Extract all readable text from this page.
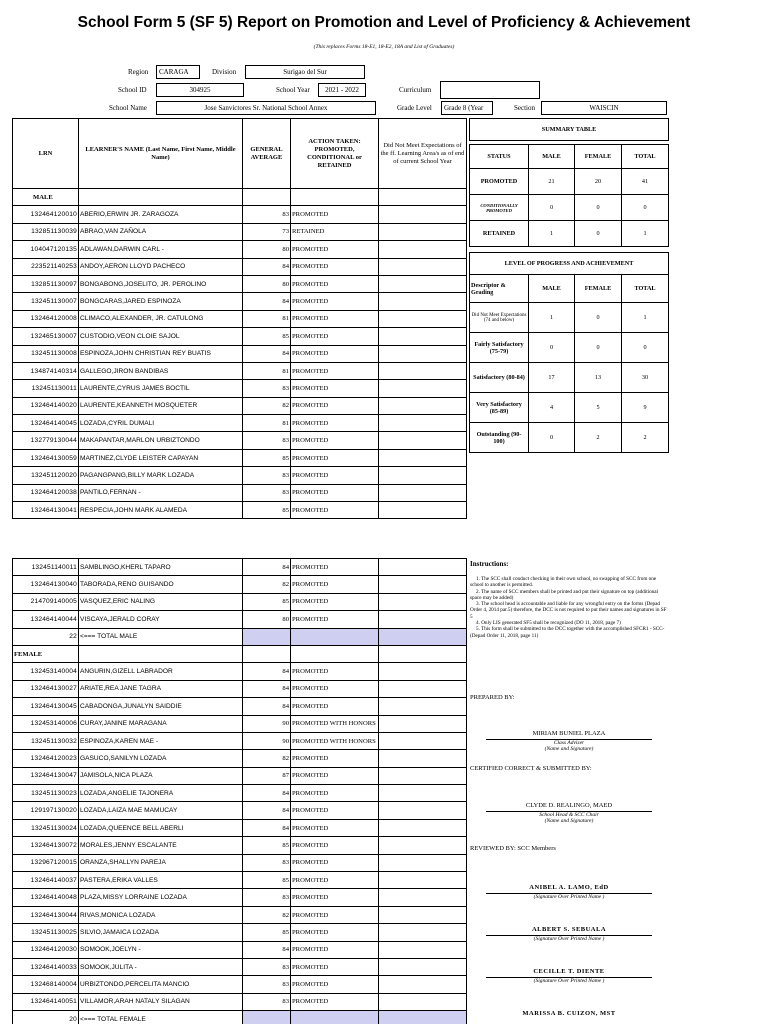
School Form 5 (SF 5) Report on Promotion and Level of Proficiency & Achievement
(This replaces Forms 18-E1, 18-E2, 18A and List of Graduates)
Region	CARAGA	Division	Surigao del Sur
School ID	304925	School Year	2021 - 2022	Curriculum
School Name	Jose Sanvictores Sr. National School Annex	Grade Level	Grade 8 (Year	Section	WAISCIN
LRN	LEARNER'S NAME (Last Name, First Name, Middle Name)	GENERAL AVERAGE	ACTION TAKEN: PROMOTED, CONDITIONAL or RETAINED	Did Not Meet Expectations of the ff. Learning Area/s as of end of current School Year
MALE				
132464120010	ABERIO,ERWIN JR. ZARAGOZA	83	PROMOTED	
132851130039	ABRAO,VAN ZAÑOLA	73	RETAINED	
104047120135	ADLAWAN,DARWIN CARL -	80	PROMOTED	
223521140253	ANDOY,AERON LLOYD PACHECO	84	PROMOTED	
132851130097	BONGABONG,JOSELITO, JR. PEROLINO	80	PROMOTED	
132451130007	BONGCARAS,JARED ESPINOZA	84	PROMOTED	
132464120008	CLIMACO,ALEXANDER, JR. CATULONG	81	PROMOTED	
132465130007	CUSTODIO,VEON CLOIE SAJOL	85	PROMOTED	
132451130008	ESPINOZA,JOHN CHRISTIAN REY BUATIS	84	PROMOTED	
134874140314	GALLEGO,JIRON BANDIBAS	81	PROMOTED	
132451130011	LAURENTE,CYRUS JAMES BOCTIL	83	PROMOTED	
132464140020	LAURENTE,KEANNETH MOSQUETER	82	PROMOTED	
132464140045	LOZADA,CYRIL DUMALI	81	PROMOTED	
132779130044	MAKAPANTAR,MARLON URBIZTONDO	83	PROMOTED	
132464130059	MARTINEZ,CLYDE LEISTER CAPAYAN	85	PROMOTED	
132451120020	PAGANGPANG,BILLY MARK LOZADA	83	PROMOTED	
132464120038	PANTILO,FERNAN -	83	PROMOTED	
132464130041	RESPECIA,JOHN MARK ALAMEDA	85	PROMOTED	
132451140011	SAMBLINGO,KHERL TAPARO	84	PROMOTED	
132464130040	TABORADA,RENO GUISANDO	82	PROMOTED	
214709140005	VASQUEZ,ERIC NALING	85	PROMOTED	
132464140044	VISCAYA,JERALD CORAY	80	PROMOTED	
22	<=== TOTAL MALE			
FEMALE				
132453140004	ANGURIN,GIZELL LABRADOR	84	PROMOTED	
132464130027	ARIATE,REA JANE TAGRA	84	PROMOTED	
132464130045	CABADONGA,JUNALYN SAIDDIE	84	PROMOTED	
132453140006	CURAY,JANINE MARAGANA	90	PROMOTED WITH HONORS	
132451130032	ESPINOZA,KAREN MAE -	90	PROMOTED WITH HONORS	
132464120023	GASUCO,SANILYN LOZADA	82	PROMOTED	
132464130047	JAMISOLA,NICA PLAZA	87	PROMOTED	
132451130023	LOZADA,ANGELIE TAJONERA	84	PROMOTED	
129197130020	LOZADA,LAIZA MAE MAMUCAY	84	PROMOTED	
132451130024	LOZADA,QUEENCE BELL ABERLI	84	PROMOTED	
132464130072	MORALES,JENNY ESCALANTE	85	PROMOTED	
132967120015	ORANZA,SHALLYN PAREJA	83	PROMOTED	
132464140037	PASTERA,ERIKA VALLES	85	PROMOTED	
132464140048	PLAZA,MISSY LORRAINE LOZADA	83	PROMOTED	
132464130044	RIVAS,MONICA LOZADA	82	PROMOTED	
132451130025	SILVIO,JAMAICA LOZADA	85	PROMOTED	
132464120030	SOMOOK,JOELYN -	84	PROMOTED	
132464140033	SOMOOK,JULITA -	83	PROMOTED	
132468140004	URBIZTONDO,PERCELITA MANCIO	83	PROMOTED	
132464140051	VILLAMOR,ARAH NATALY SILAGAN	83	PROMOTED	
20	<=== TOTAL FEMALE			
SUMMARY TABLE			

STATUS	MALE	FEMALE	TOTAL
PROMOTED	21	20	41
CONDITIONALLY PROMOTED	0	0	0
RETAINED	1	0	1
LEVEL OF PROGRESS AND ACHIEVEMENT			
Descriptor & Grading	MALE	FEMALE	TOTAL
Did Not Meet Expectations (74 and below)	1	0	1
Fairly Satisfactory (75-79)	0	0	0
Satisfactory (80-84)	17	13	30
Very Satisfactory (85-89)	4	5	9
Outstanding (90-100)	0	2	2
Instructions:

1. The SCC shall conduct checking in their own school, no swapping of SCC from one school to another is permitted.

2. The name of SCC members shall be printed and put their signature on top (additional space may be added)

3. The school head is accountable and liable for any wrongful entry on the forms (Depad Order 4, 2014 par.5) therefore, the DCC is not required to put their names and signatures in SF 5

4. Only LIS generated SF5 shall be recognized (DO 11, 2018, page 7)

5. This form shall be submitted to the DCC together with the accomplished SFCR1 - SCC- (Depad Order 11, 2018, page 11)

PREPARED BY:
MIRIAM BUNIEL PLAZA
Class Adviser
(Name and Signature)
CERTIFIED CORRECT & SUBMITTED BY:
CLYDE D. REALINGO, MAED
School Head & SCC Chair
(Name and Signature)
REVIEWED BY: SCC Members
ANIBEL A. LAMO, EdD
(Signature Over Printed Name )
ALBERT S. SEBUALA
(Signature Over Printed Name )
CECILLE T. DIENTE
(Signature Over Printed Name )
MARISSA B. CUIZON, MST
